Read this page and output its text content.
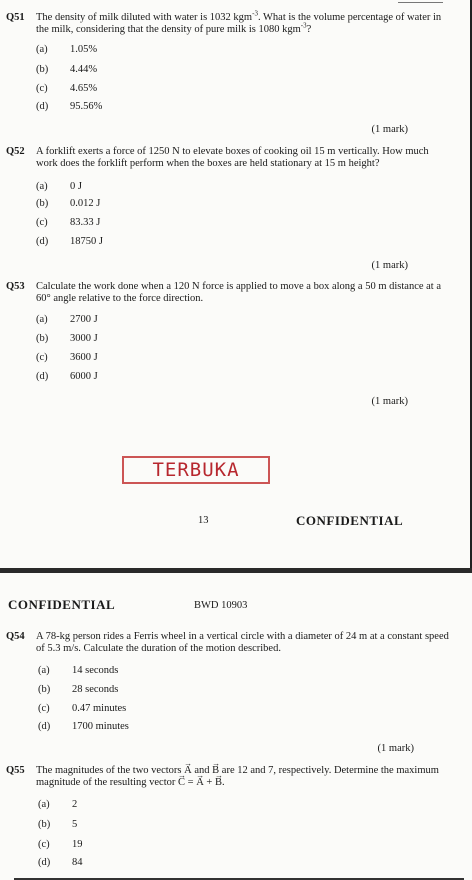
Q51 The density of milk diluted with water is 1032 kgm$^{-3}$. What is the volume percentage of water in the milk, considering that the density of pure milk is 1080 kgm$^{-3}$?
(a)	1.05%
(b)	4.44%
(c)	4.65%
(d)	95.56%
(1 mark)
Q52 A forklift exerts a force of 1250 N to elevate boxes of cooking oil 15 m vertically. How much work does the forklift perform when the boxes are held stationary at 15 m height?
(a)	0 J
(b)	0.012 J
(c)	83.33 J
(d)	18750 J
(1 mark)
Q53 Calculate the work done when a 120 N force is applied to move a box along a 50 m distance at a 60° angle relative to the force direction.
(a)	2700 J
(b)	3000 J
(c)	3600 J
(d)	6000 J
(1 mark)
TERBUKA
13	CONFIDENTIAL
CONFIDENTIAL	BWD 10903
Q54 A 78-kg person rides a Ferris wheel in a vertical circle with a diameter of 24 m at a constant speed of 5.3 m/s. Calculate the duration of the motion described.
(a)	14 seconds
(b)	28 seconds
(c)	0.47 minutes
(d)	1700 minutes
(1 mark)
Q55 The magnitudes of the two vectors → A and → B are 12 and 7, respectively. Determine the maximum magnitude of the resulting vector → C = → A + → B.
(a)	2
(b)	5
(c)	19
(d)	84
